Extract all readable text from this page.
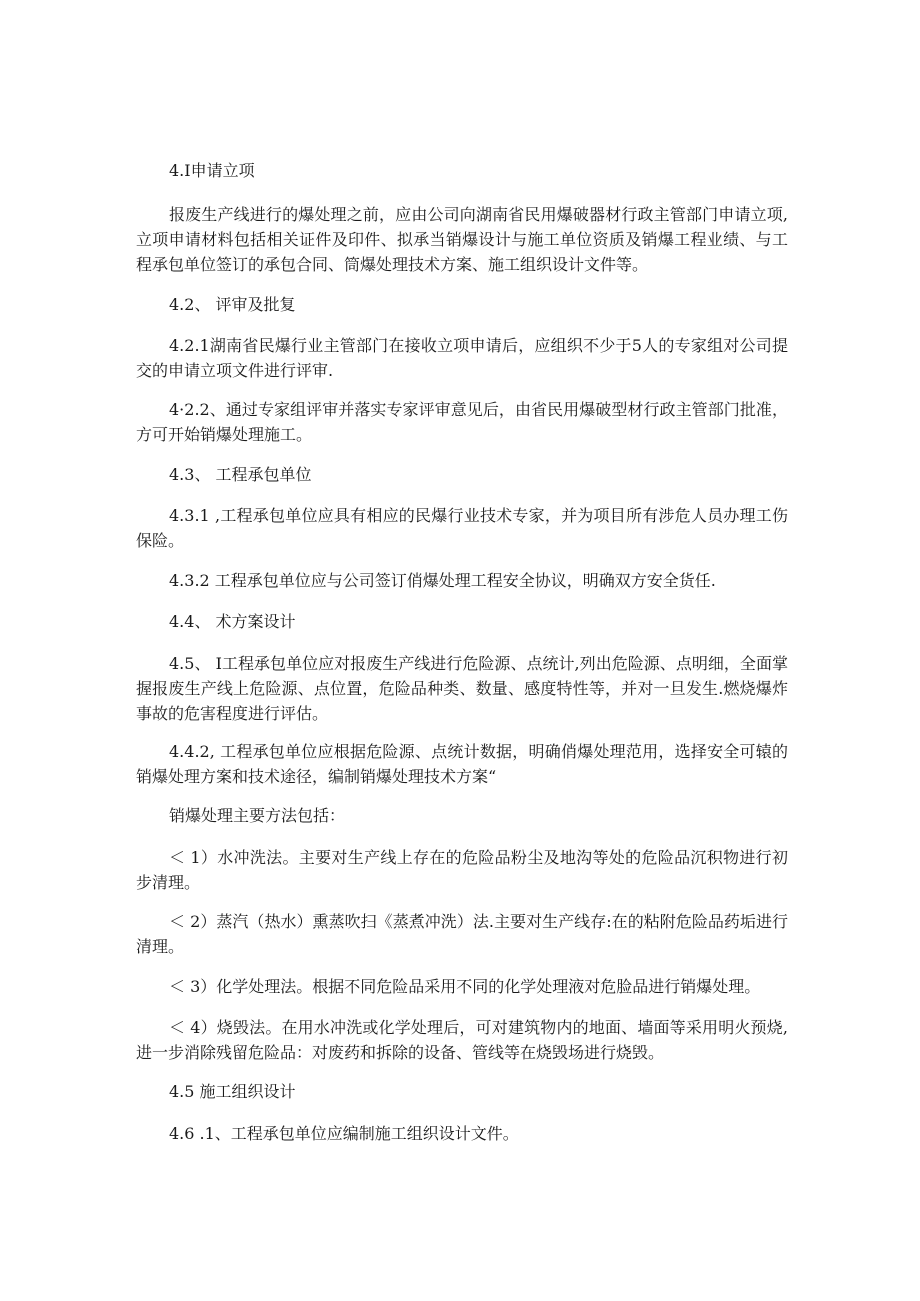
4.I申请立项

报废生产线进行的爆处理之前，应由公司向湖南省民用爆破器材行政主管部门申请立项,立项申请材料包括相关证件及印件、拟承当销爆设计与施工单位资质及销爆工程业绩、与工程承包单位签订的承包合同、筒爆处理技术方案、施工组织设计文件等。

4.2、 评审及批复

4.2.1湖南省民爆行业主管部门在接收立项申请后，应组织不少于5人的专家组对公司提交的申请立项文件进行评审.

4·2.2、通过专家组评审并落实专家评审意见后，由省民用爆破型材行政主管部门批准，方可开始销爆处理施工。

4.3、 工程承包单位

4.3.1 ,工程承包单位应具有相应的民爆行业技术专家，并为项目所有涉危人员办理工伤保险。

4.3.2 工程承包单位应与公司签订俏爆处理工程安全协议，明确双方安全货任.

4.4、 术方案设计

4.5、 I工程承包单位应对报废生产线进行危险源、点统计,列出危险源、点明细，全面掌握报废生产线上危险源、点位置，危险品种类、数量、感度特性等，并对一旦发生.燃烧爆炸事故的危害程度进行评估。

4.4.2, 工程承包单位应根据危险源、点统计数据，明确俏爆处理范用，选择安全可辕的销爆处理方案和技术途径，编制销爆处理技术方案“

销爆处理主要方法包括：

＜ 1）水冲洗法。主要对生产线上存在的危险品粉尘及地沟等处的危险品沉积物进行初步清理。

＜ 2）蒸汽（热水）熏蒸吹扫《蒸煮冲洗）法.主要对生产线存:在的粘附危险品药垢进行清理。

＜ 3）化学处理法。根据不同危险品采用不同的化学处理液对危脸品进行销爆处理。

＜ 4）烧毁法。在用水冲洗或化学处理后，可对建筑物内的地面、墙面等采用明火预烧,进一步消除残留危险品：对废药和拆除的设备、管线等在烧毁场进行烧毁。

4.5 施工组织设计

4.6 .1、工程承包单位应编制施工组织设计文件。
